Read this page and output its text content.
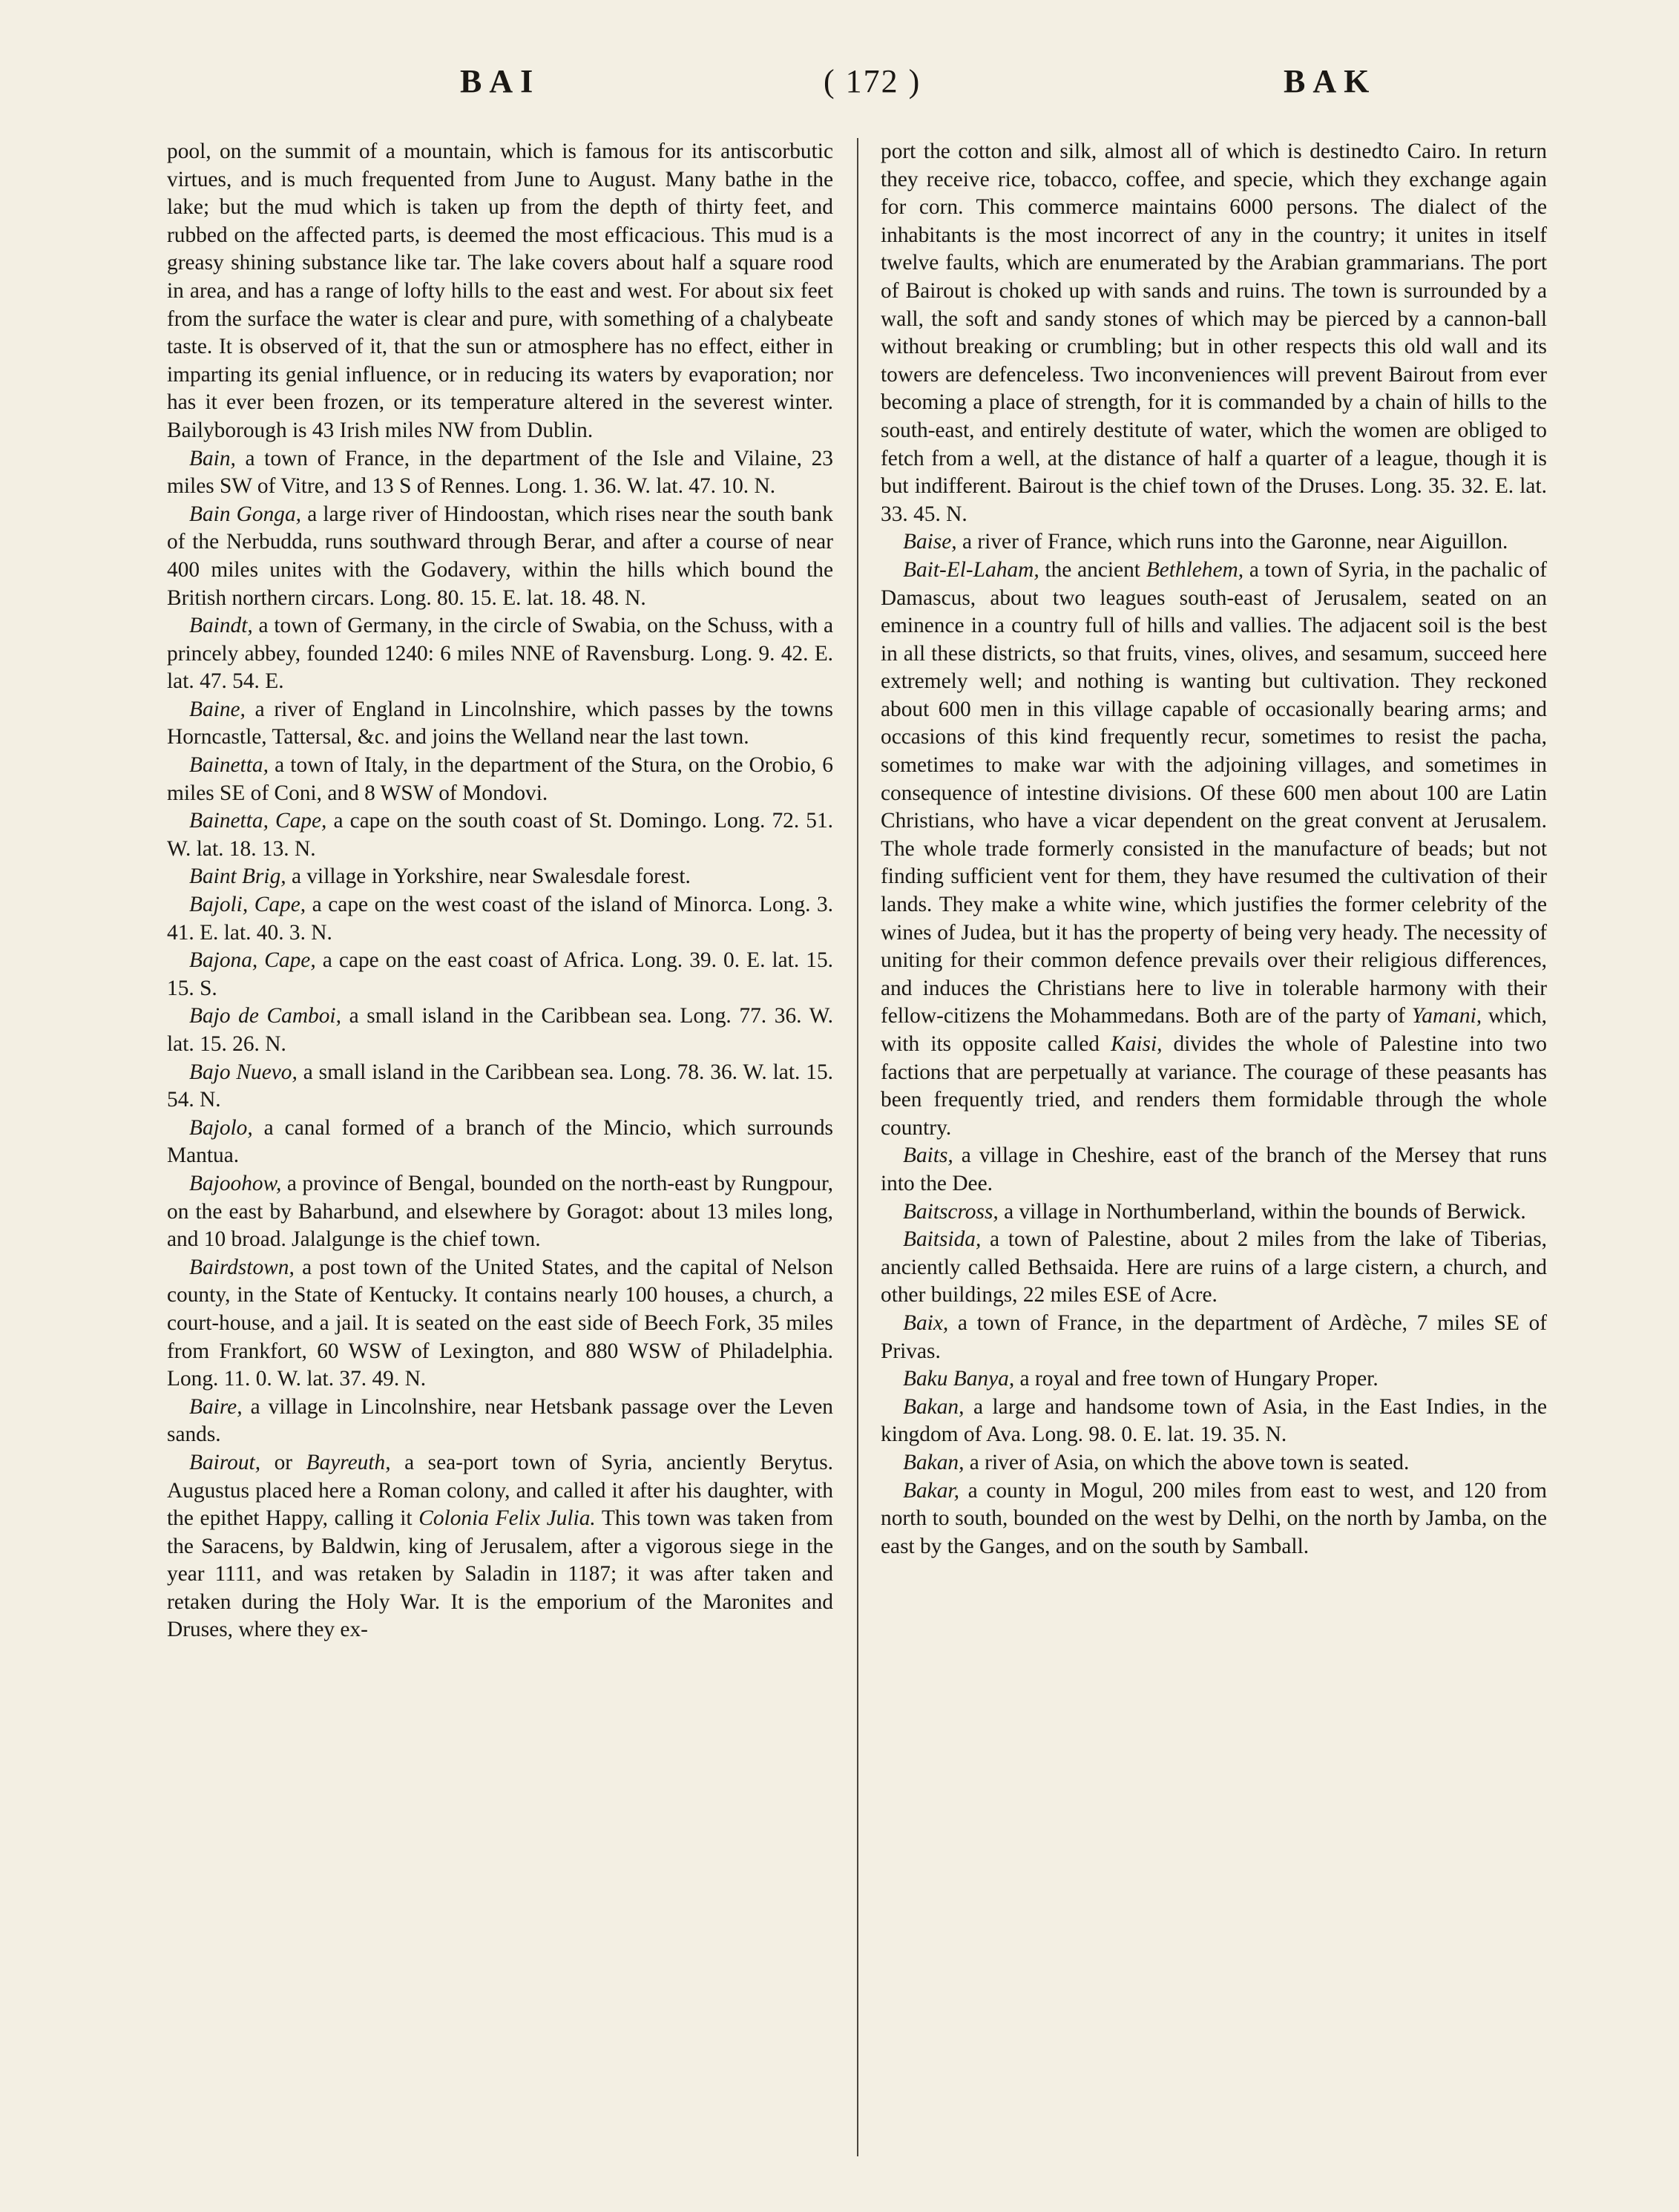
BAI	( 172 )	BAK

pool, on the summit of a mountain, which is famous for its antiscorbutic virtues, and is much frequented from June to August. Many bathe in the lake; but the mud which is taken up from the depth of thirty feet, and rubbed on the affected parts, is deemed the most efficacious. This mud is a greasy shining substance like tar. The lake covers about half a square rood in area, and has a range of lofty hills to the east and west. For about six feet from the surface the water is clear and pure, with something of a chalybeate taste. It is observed of it, that the sun or atmosphere has no effect, either in imparting its genial influence, or in reducing its waters by evaporation; nor has it ever been frozen, or its temperature altered in the severest winter. Bailyborough is 43 Irish miles NW from Dublin.

Bain, a town of France, in the department of the Isle and Vilaine, 23 miles SW of Vitre, and 13 S of Rennes. Long. 1. 36. W. lat. 47. 10. N.

Bain Gonga, a large river of Hindoostan, which rises near the south bank of the Nerbudda, runs southward through Berar, and after a course of near 400 miles unites with the Godavery, within the hills which bound the British northern circars. Long. 80. 15. E. lat. 18. 48. N.

Baindt, a town of Germany, in the circle of Swabia, on the Schuss, with a princely abbey, founded 1240: 6 miles NNE of Ravensburg. Long. 9. 42. E. lat. 47. 54. E.

Baine, a river of England in Lincolnshire, which passes by the towns Horncastle, Tattersal, &c. and joins the Welland near the last town.

Bainetta, a town of Italy, in the department of the Stura, on the Orobio, 6 miles SE of Coni, and 8 WSW of Mondovi.

Bainetta, Cape, a cape on the south coast of St. Domingo. Long. 72. 51. W. lat. 18. 13. N.

Baint Brig, a village in Yorkshire, near Swalesdale forest.

Bajoli, Cape, a cape on the west coast of the island of Minorca. Long. 3. 41. E. lat. 40. 3. N.

Bajona, Cape, a cape on the east coast of Africa. Long. 39. 0. E. lat. 15. 15. S.

Bajo de Camboi, a small island in the Caribbean sea. Long. 77. 36. W. lat. 15. 26. N.

Bajo Nuevo, a small island in the Caribbean sea. Long. 78. 36. W. lat. 15. 54. N.

Bajolo, a canal formed of a branch of the Mincio, which surrounds Mantua.

Bajoohow, a province of Bengal, bounded on the north-east by Rungpour, on the east by Baharbund, and elsewhere by Goragot: about 13 miles long, and 10 broad. Jalalgunge is the chief town.

Bairdstown, a post town of the United States, and the capital of Nelson county, in the State of Kentucky. It contains nearly 100 houses, a church, a court-house, and a jail. It is seated on the east side of Beech Fork, 35 miles from Frankfort, 60 WSW of Lexington, and 880 WSW of Philadelphia. Long. 11. 0. W. lat. 37. 49. N.

Baire, a village in Lincolnshire, near Hetsbank passage over the Leven sands.

Bairout, or Bayreuth, a sea-port town of Syria, anciently Berytus. Augustus placed here a Roman colony, and called it after his daughter, with the epithet Happy, calling it Colonia Felix Julia. This town was taken from the Saracens, by Baldwin, king of Jerusalem, after a vigorous siege in the year 1111, and was retaken by Saladin in 1187; it was after taken and retaken during the Holy War. It is the emporium of the Maronites and Druses, where they ex-

port the cotton and silk, almost all of which is destinedto Cairo. In return they receive rice, tobacco, coffee, and specie, which they exchange again for corn. This commerce maintains 6000 persons. The dialect of the inhabitants is the most incorrect of any in the country; it unites in itself twelve faults, which are enumerated by the Arabian grammarians. The port of Bairout is choked up with sands and ruins. The town is surrounded by a wall, the soft and sandy stones of which may be pierced by a cannon-ball without breaking or crumbling; but in other respects this old wall and its towers are defenceless. Two inconveniences will prevent Bairout from ever becoming a place of strength, for it is commanded by a chain of hills to the south-east, and entirely destitute of water, which the women are obliged to fetch from a well, at the distance of half a quarter of a league, though it is but indifferent. Bairout is the chief town of the Druses. Long. 35. 32. E. lat. 33. 45. N.

Baise, a river of France, which runs into the Garonne, near Aiguillon.

Bait-El-Laham, the ancient Bethlehem, a town of Syria, in the pachalic of Damascus, about two leagues south-east of Jerusalem, seated on an eminence in a country full of hills and vallies. The adjacent soil is the best in all these districts, so that fruits, vines, olives, and sesamum, succeed here extremely well; and nothing is wanting but cultivation. They reckoned about 600 men in this village capable of occasionally bearing arms; and occasions of this kind frequently recur, sometimes to resist the pacha, sometimes to make war with the adjoining villages, and sometimes in consequence of intestine divisions. Of these 600 men about 100 are Latin Christians, who have a vicar dependent on the great convent at Jerusalem. The whole trade formerly consisted in the manufacture of beads; but not finding sufficient vent for them, they have resumed the cultivation of their lands. They make a white wine, which justifies the former celebrity of the wines of Judea, but it has the property of being very heady. The necessity of uniting for their common defence prevails over their religious differences, and induces the Christians here to live in tolerable harmony with their fellow-citizens the Mohammedans. Both are of the party of Yamani, which, with its opposite called Kaisi, divides the whole of Palestine into two factions that are perpetually at variance. The courage of these peasants has been frequently tried, and renders them formidable through the whole country.

Baits, a village in Cheshire, east of the branch of the Mersey that runs into the Dee.

Baitscross, a village in Northumberland, within the bounds of Berwick.

Baitsida, a town of Palestine, about 2 miles from the lake of Tiberias, anciently called Bethsaida. Here are ruins of a large cistern, a church, and other buildings, 22 miles ESE of Acre.

Baix, a town of France, in the department of Ardèche, 7 miles SE of Privas.

Baku Banya, a royal and free town of Hungary Proper.

Bakan, a large and handsome town of Asia, in the East Indies, in the kingdom of Ava. Long. 98. 0. E. lat. 19. 35. N.

Bakan, a river of Asia, on which the above town is seated.

Bakar, a county in Mogul, 200 miles from east to west, and 120 from north to south, bounded on the west by Delhi, on the north by Jamba, on the east by the Ganges, and on the south by Samball.
